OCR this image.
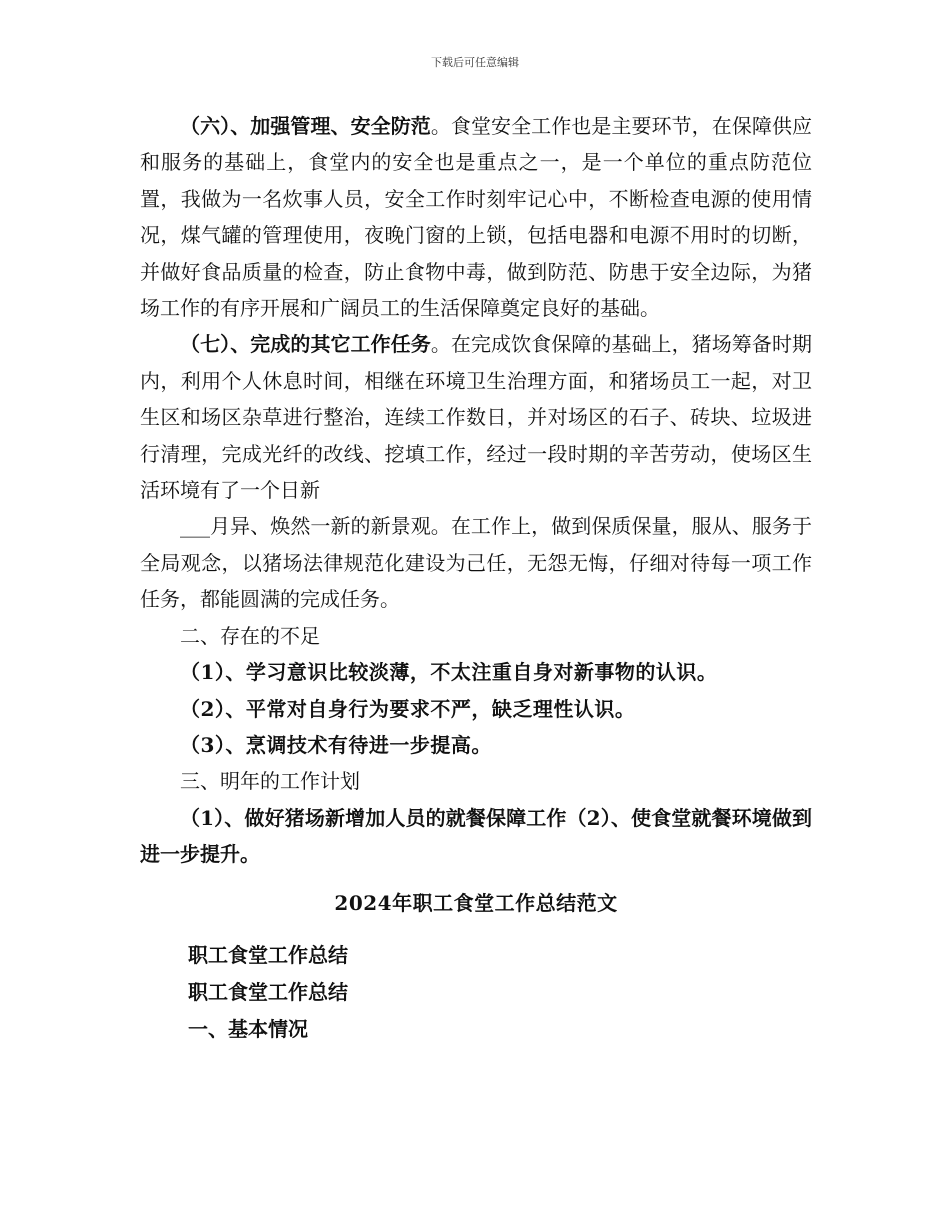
下载后可任意编辑

（六）、加强管理、安全防范。食堂安全工作也是主要环节，在保障供应和服务的基础上，食堂内的安全也是重点之一，是一个单位的重点防范位置，我做为一名炊事人员，安全工作时刻牢记心中，不断检查电源的使用情况，煤气罐的管理使用，夜晚门窗的上锁，包括电器和电源不用时的切断，并做好食品质量的检查，防止食物中毒，做到防范、防患于安全边际，为猪场工作的有序开展和广阔员工的生活保障奠定良好的基础。

（七）、完成的其它工作任务。在完成饮食保障的基础上，猪场筹备时期内，利用个人休息时间，相继在环境卫生治理方面，和猪场员工一起，对卫生区和场区杂草进行整治，连续工作数日，并对场区的石子、砖块、垃圾进行清理，完成光纤的改线、挖填工作，经过一段时期的辛苦劳动，使场区生活环境有了一个日新

___月异、焕然一新的新景观。在工作上，做到保质保量，服从、服务于全局观念，以猪场法律规范化建设为己任，无怨无悔，仔细对待每一项工作任务，都能圆满的完成任务。

二、存在的不足

（1）、学习意识比较淡薄，不太注重自身对新事物的认识。

（2）、平常对自身行为要求不严，缺乏理性认识。

（3）、烹调技术有待进一步提高。

三、明年的工作计划

（1）、做好猪场新增加人员的就餐保障工作（2）、使食堂就餐环境做到进一步提升。

2024年职工食堂工作总结范文

职工食堂工作总结

职工食堂工作总结

一、基本情况
